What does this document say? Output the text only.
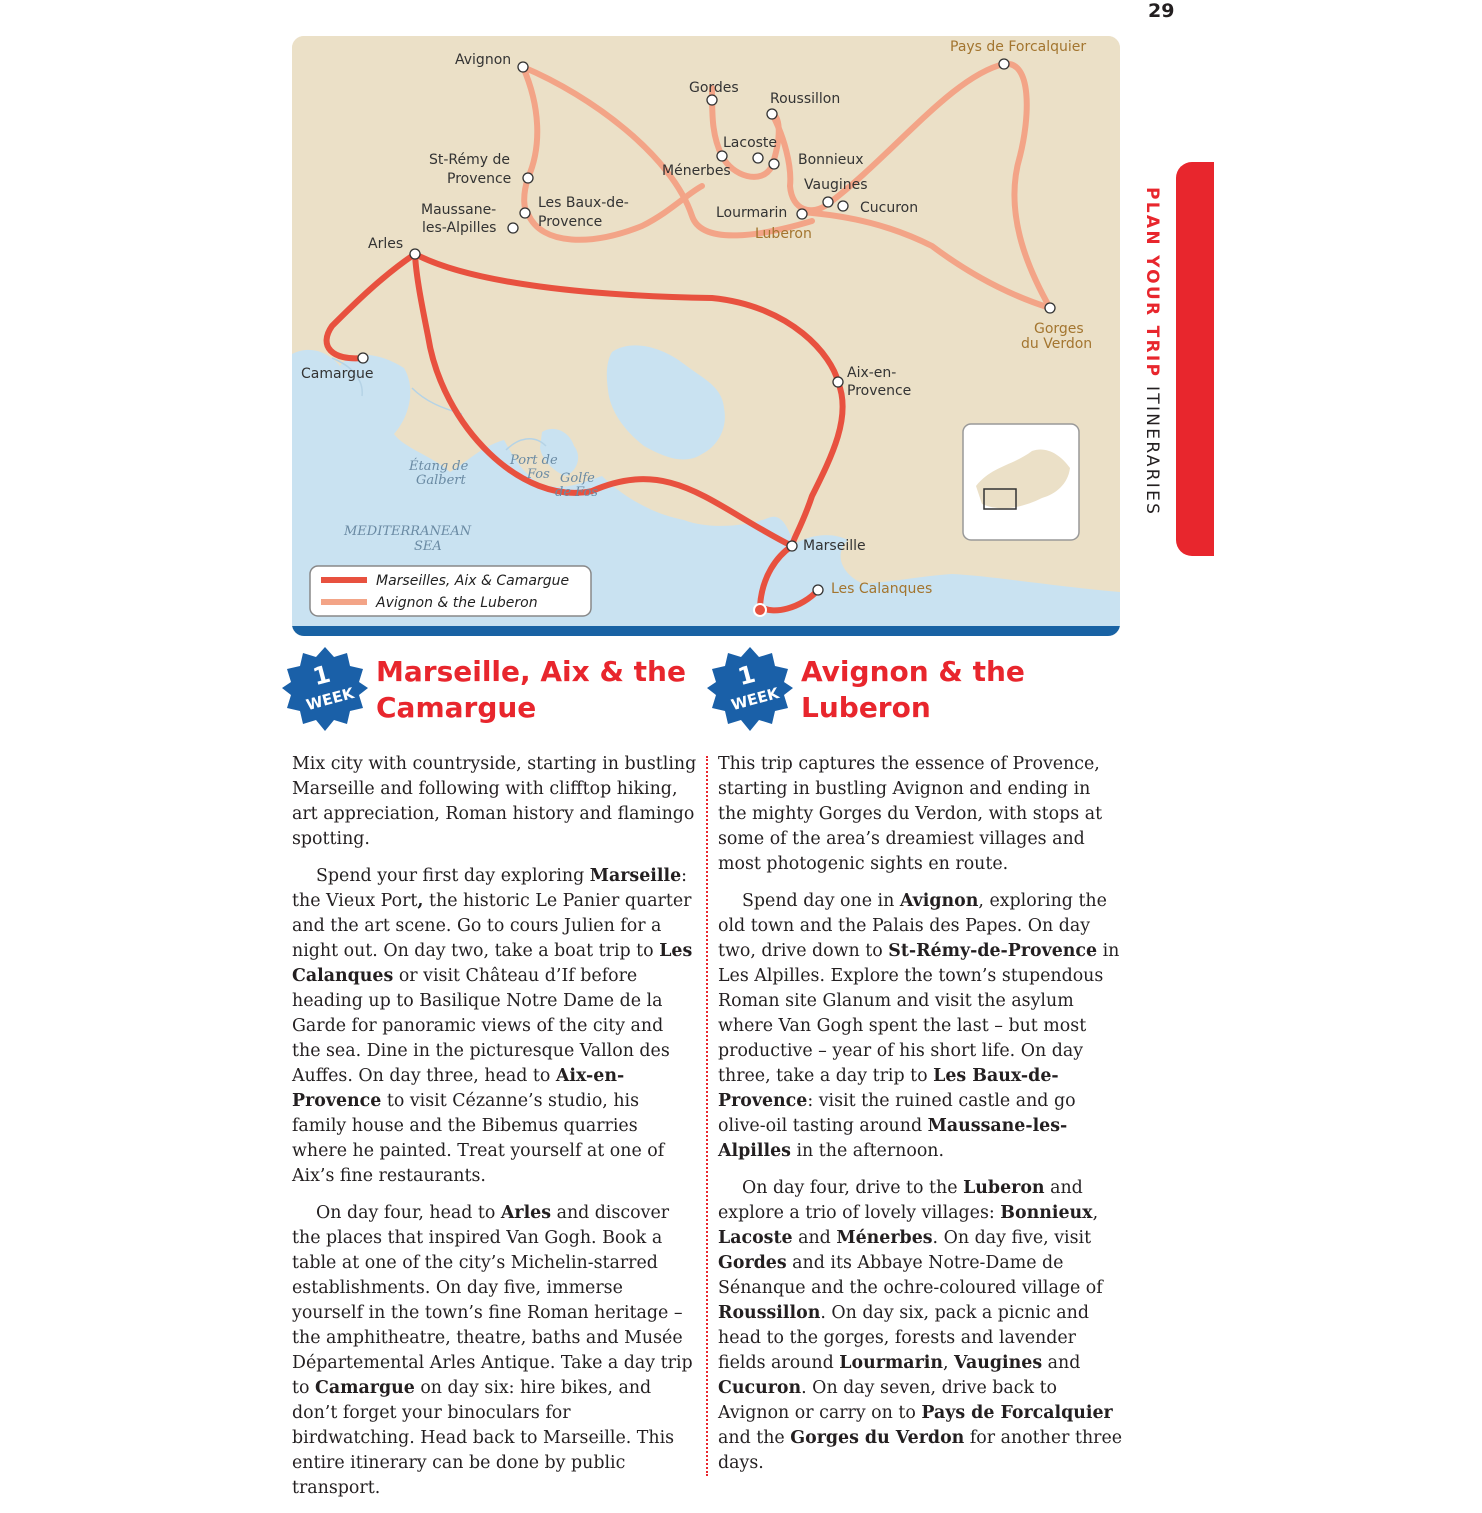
29
PLAN YOUR TRIP ITINERARIES
MEDITERRANEAN
SEA
Étang de
Galbert
Port de
Fos Golfe
de Fos
Avignon
Gordes
Roussillon
Lacoste
Bonnieux
Ménerbes
Vaugines
Lourmarin	Cucuron
Luberon
St-Rémy de
Provence
Maussane-
les-Alpilles
Les Baux-de-
Provence
Arles
Pays de Forcalquier
Gorges
du Verdon
Camargue	Aix-en-
Provence
Marseille
Les Calanques
Marseilles, Aix & Camargue
Avignon & the Luberon
1
WEEK
Marseille, Aix & the
Camargue
1
WEEK
Avignon & the
Luberon

Mix city with countryside, starting in bustling Marseille and following with clifftop hiking, art appreciation, Roman history and flamingo spotting.

Spend your first day exploring Marseille: the Vieux Port, the historic Le Panier quarter and the art scene. Go to cours Julien for a night out. On day two, take a boat trip to Les Calanques or visit Château d’If before heading up to Basilique Notre Dame de la Garde for panoramic views of the city and the sea. Dine in the picturesque Vallon des Auffes. On day three, head to Aix-en-Provence to visit Cézanne’s studio, his family house and the Bibemus quarries where he painted. Treat yourself at one of Aix’s fine restaurants.

On day four, head to Arles and discover the places that inspired Van Gogh. Book a table at one of the city’s Michelin-starred establishments. On day five, immerse yourself in the town’s fine Roman heritage – the amphitheatre, theatre, baths and Musée Départemental Arles Antique. Take a day trip to Camargue on day six: hire bikes, and don’t forget your binoculars for birdwatching. Head back to Marseille. This entire itinerary can be done by public transport.

This trip captures the essence of Provence, starting in bustling Avignon and ending in the mighty Gorges du Verdon, with stops at some of the area’s dreamiest villages and most photogenic sights en route.

Spend day one in Avignon, exploring the old town and the Palais des Papes. On day two, drive down to St-Rémy-de-Provence in Les Alpilles. Explore the town’s stupendous Roman site Glanum and visit the asylum where Van Gogh spent the last – but most productive – year of his short life. On day three, take a day trip to Les Baux-de-Provence: visit the ruined castle and go olive-oil tasting around Maussane-les-Alpilles in the afternoon.

On day four, drive to the Luberon and explore a trio of lovely villages: Bonnieux, Lacoste and Ménerbes. On day five, visit Gordes and its Abbaye Notre-Dame de Sénanque and the ochre-coloured village of Roussillon. On day six, pack a picnic and head to the gorges, forests and lavender fields around Lourmarin, Vaugines and Cucuron. On day seven, drive back to Avignon or carry on to Pays de Forcalquier and the Gorges du Verdon for another three days.
